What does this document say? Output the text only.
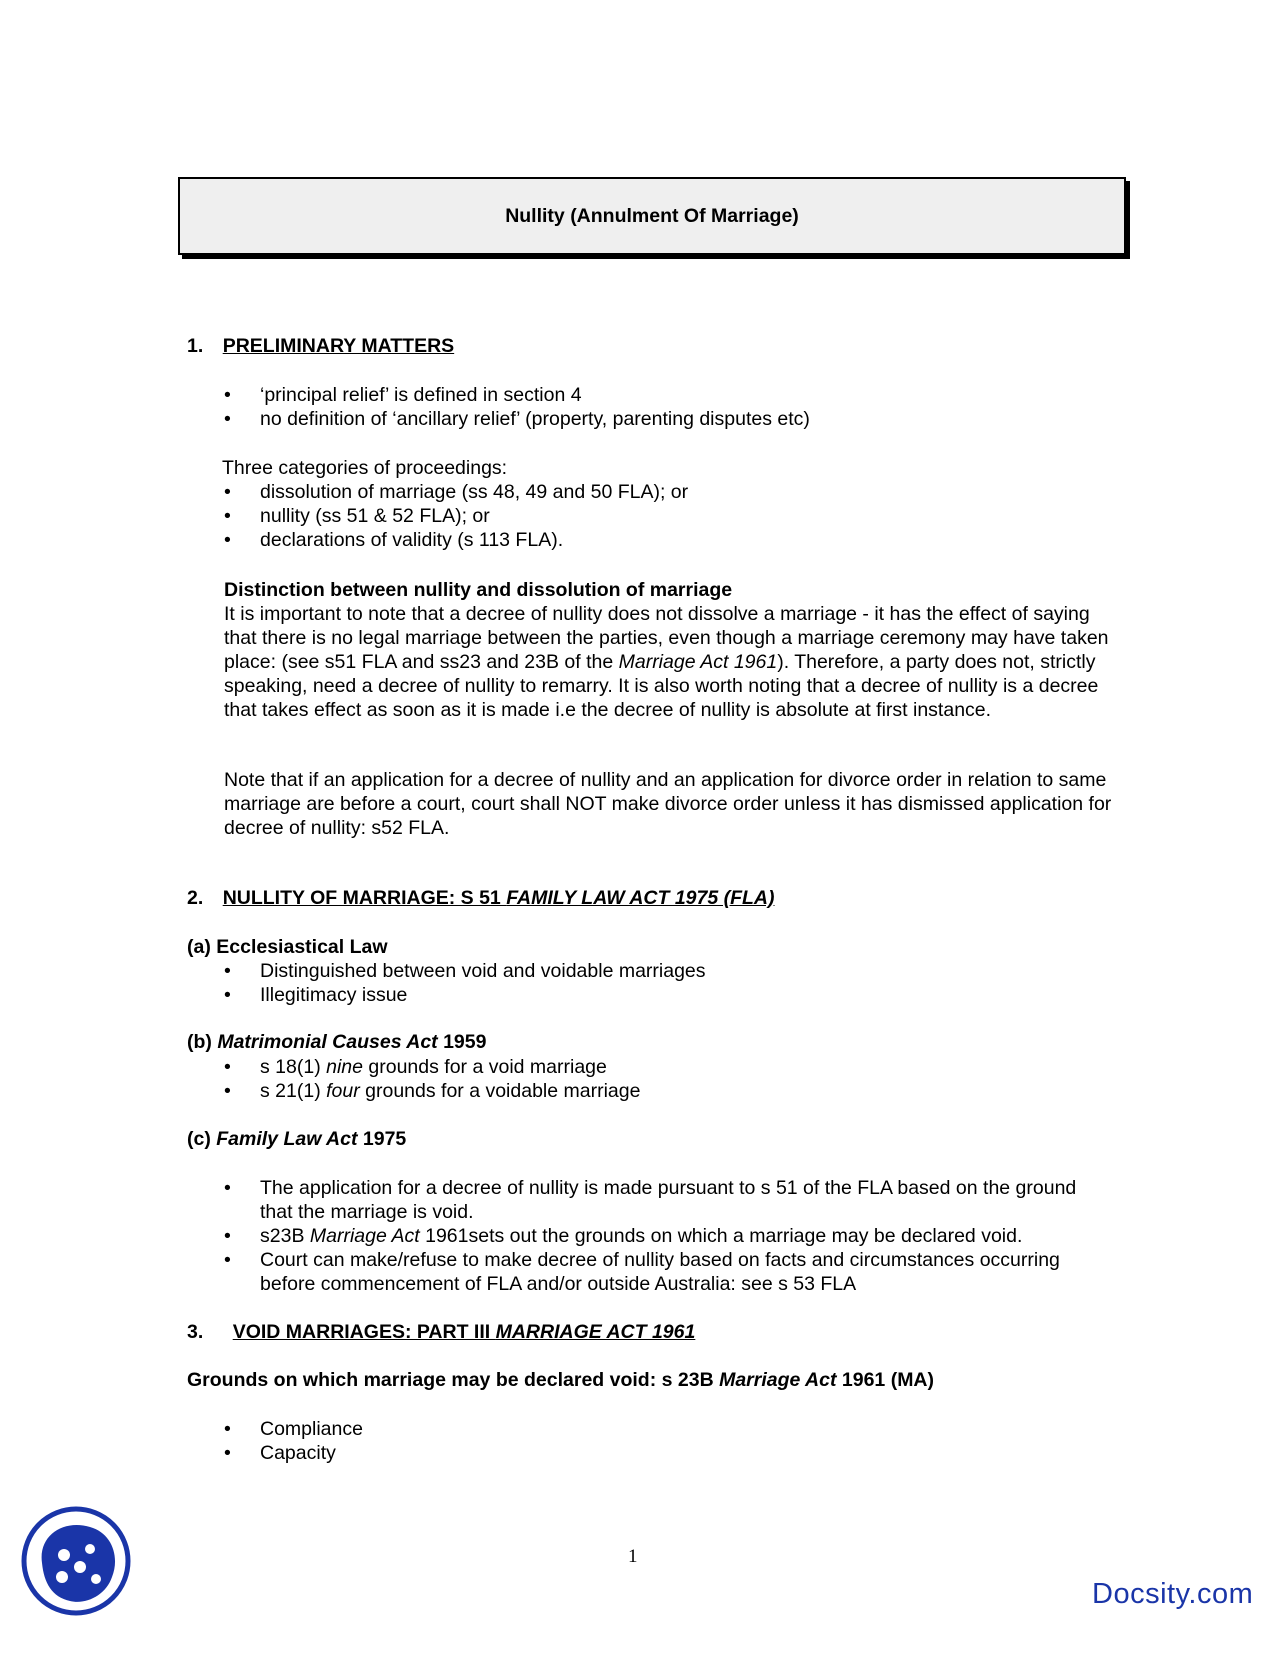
Nullity (Annulment Of Marriage)
1. PRELIMINARY MATTERS
• ‘principal relief’ is defined in section 4
• no definition of ‘ancillary relief’ (property, parenting disputes etc)
Three categories of proceedings:
• dissolution of marriage (ss 48, 49 and 50 FLA); or
• nullity (ss 51 & 52 FLA); or
• declarations of validity (s 113 FLA).
Distinction between nullity and dissolution of marriage

It is important to note that a decree of nullity does not dissolve a marriage - it has the effect of saying that there is no legal marriage between the parties, even though a marriage ceremony may have taken place: (see s51 FLA and ss23 and 23B of the Marriage Act 1961). Therefore, a party does not, strictly speaking, need a decree of nullity to remarry. It is also worth noting that a decree of nullity is a decree that takes effect as soon as it is made i.e the decree of nullity is absolute at first instance.

Note that if an application for a decree of nullity and an application for divorce order in relation to same marriage are before a court, court shall NOT make divorce order unless it has dismissed application for decree of nullity: s52 FLA.

2. NULLITY OF MARRIAGE: S 51 FAMILY LAW ACT 1975 (FLA)
(a) Ecclesiastical Law
• Distinguished between void and voidable marriages
• Illegitimacy issue
(b) Matrimonial Causes Act 1959
• s 18(1) nine grounds for a void marriage
• s 21(1) four grounds for a voidable marriage
(c) Family Law Act 1975
• The application for a decree of nullity is made pursuant to s 51 of the FLA based on the ground that the marriage is void.
• s23B Marriage Act 1961sets out the grounds on which a marriage may be declared void.
• Court can make/refuse to make decree of nullity based on facts and circumstances occurring before commencement of FLA and/or outside Australia: see s 53 FLA
3. VOID MARRIAGES: PART III MARRIAGE ACT 1961
Grounds on which marriage may be declared void: s 23B Marriage Act 1961 (MA)
• Compliance
• Capacity
1
Docsity.com
